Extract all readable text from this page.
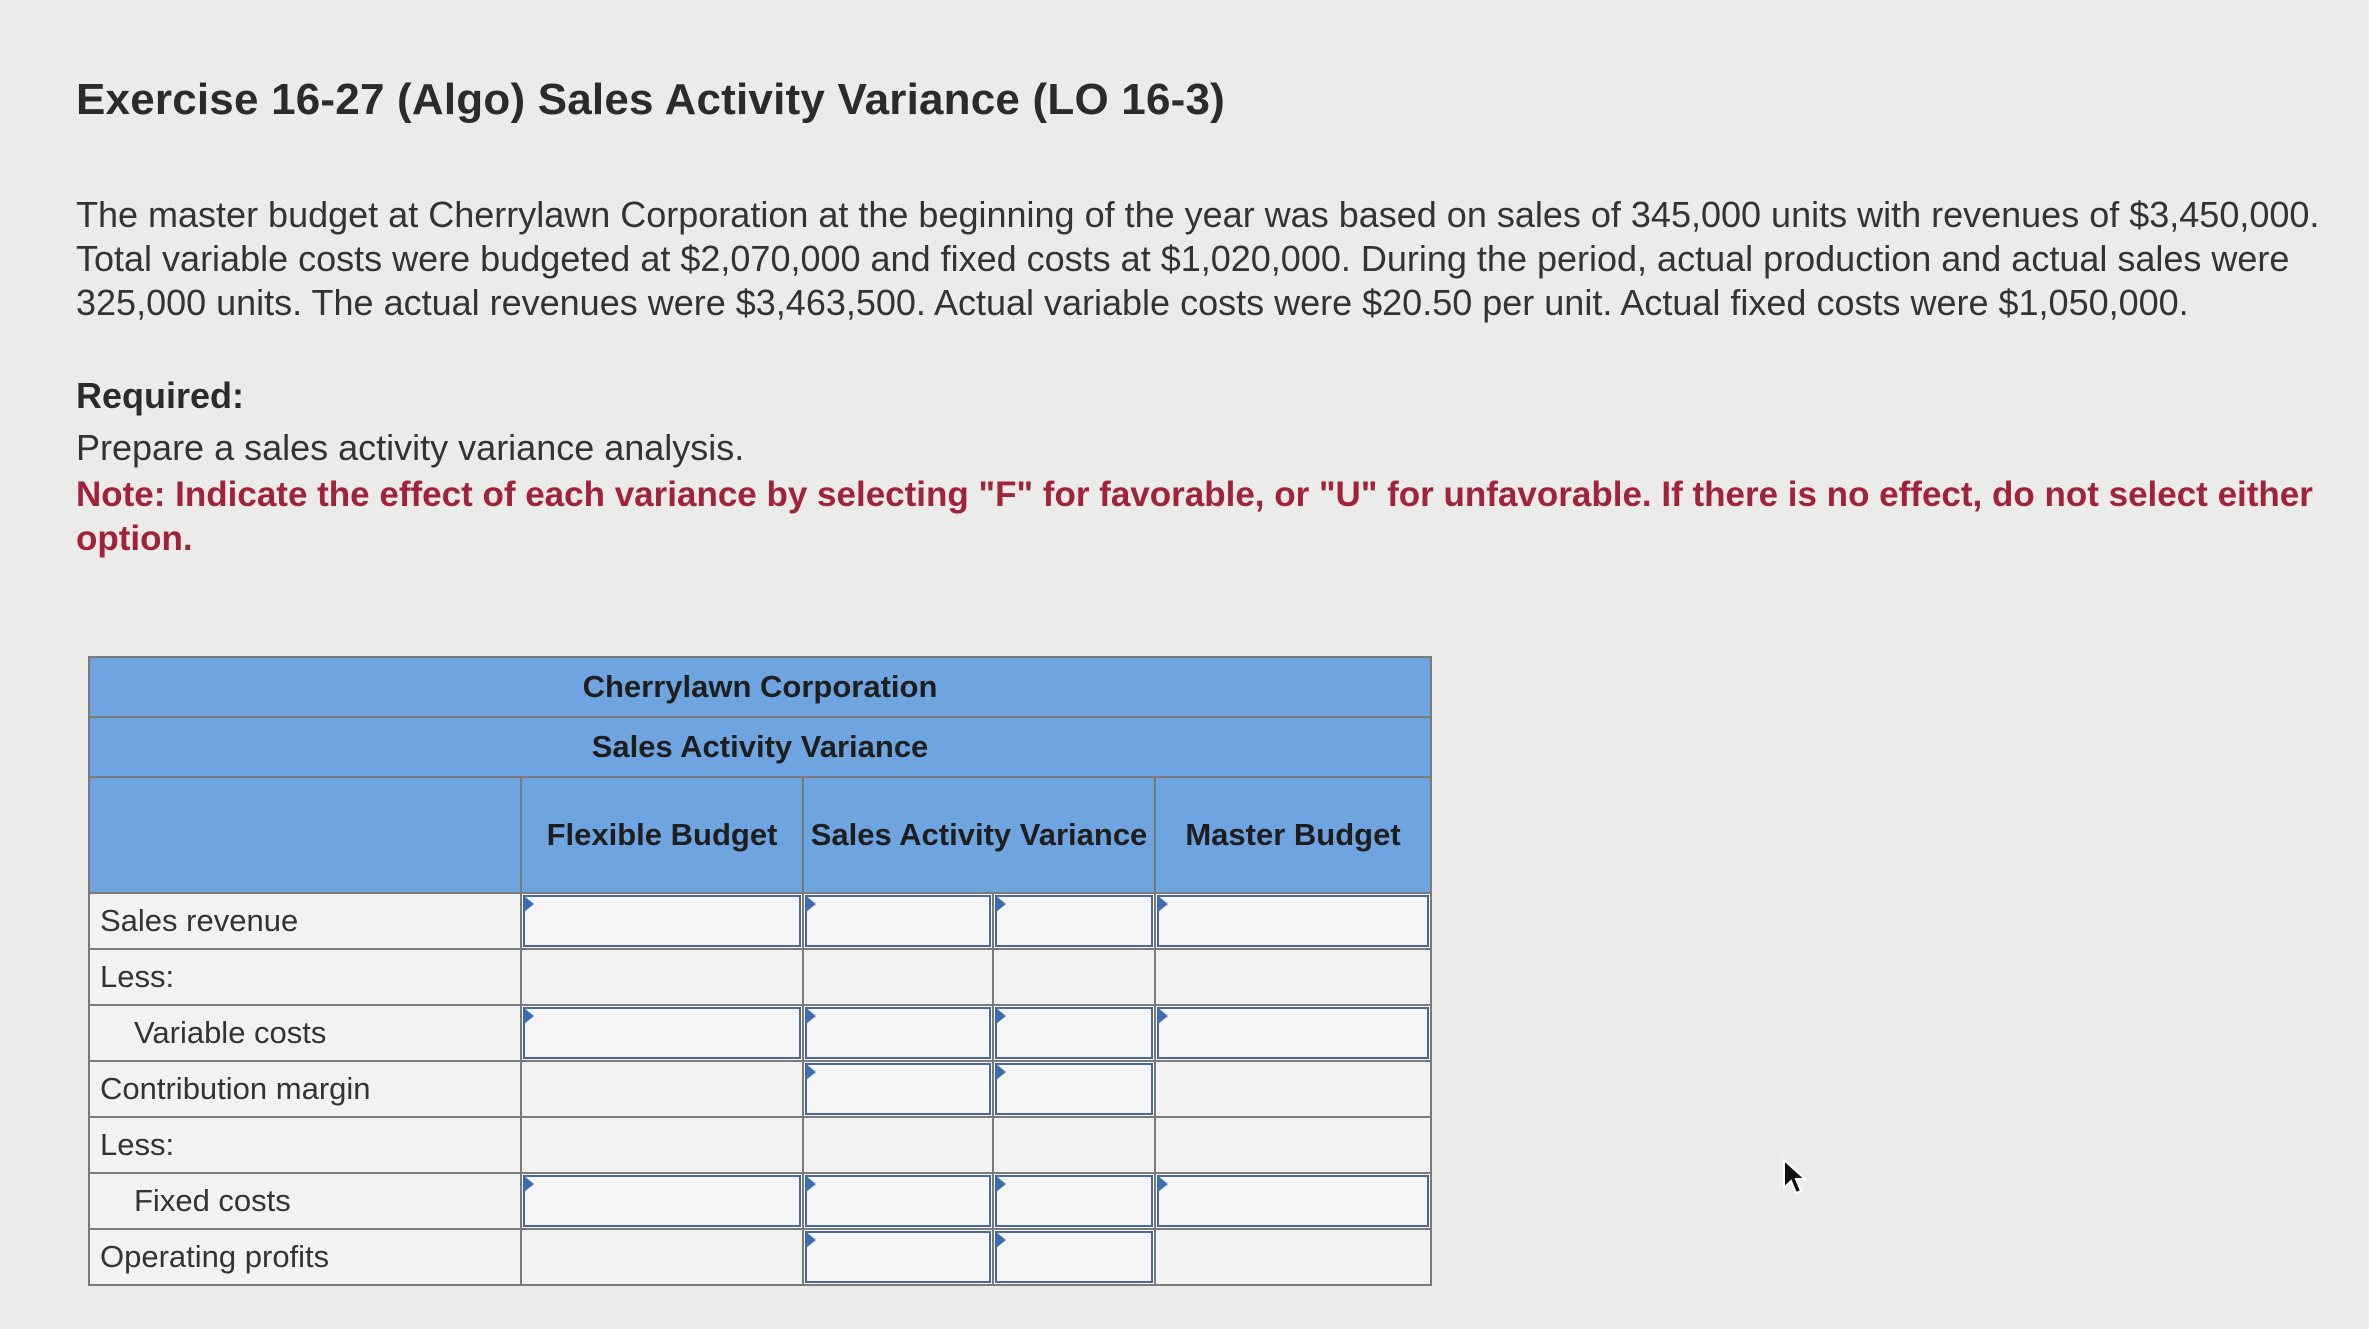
Exercise 16-27 (Algo) Sales Activity Variance (LO 16-3)
The master budget at Cherrylawn Corporation at the beginning of the year was based on sales of 345,000 units with revenues of $3,450,000. Total variable costs were budgeted at $2,070,000 and fixed costs at $1,020,000. During the period, actual production and actual sales were 325,000 units. The actual revenues were $3,463,500. Actual variable costs were $20.50 per unit. Actual fixed costs were $1,050,000.
Required:
Prepare a sales activity variance analysis.
Note: Indicate the effect of each variance by selecting "F" for favorable, or "U" for unfavorable. If there is no effect, do not select either option.
Cherrylawn Corporation				
Sales Activity Variance				
	Flexible Budget	Sales Activity Variance		Master Budget
Sales revenue				
Less:				
Variable costs				
Contribution margin				
Less:				
Fixed costs				
Operating profits				
